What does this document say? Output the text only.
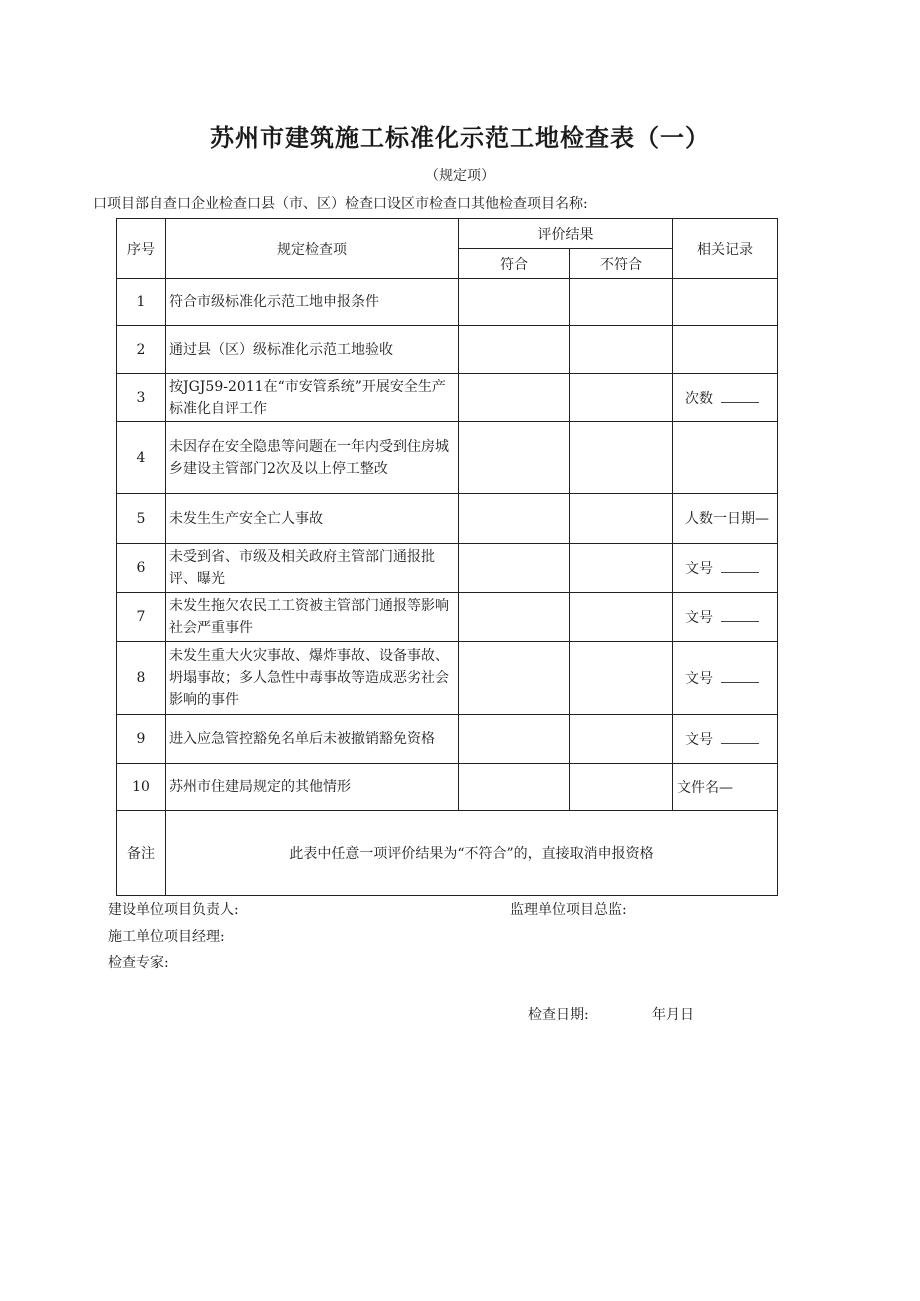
苏州市建筑施工标准化示范工地检查表（一）
（规定项）
口项目部自查口企业检查口县（市、区）检查口设区市检查口其他检查项目名称:
序号	规定检查项	评价结果		相关记录
		符合	不符合	
1	符合市级标准化示范工地申报条件			
2	通过县（区）级标准化示范工地验收			
3	按JGJ59-2011在“市安管系统”开展安全生产标准化自评工作			次数
4	未因存在安全隐患等问题在一年内受到住房城乡建设主管部门2次及以上停工整改			
5	未发生生产安全亡人事故			人数一日期—
6	未受到省、市级及相关政府主管部门通报批评、曝光			文号
7	未发生拖欠农民工工资被主管部门通报等影响社会严重事件			文号
8	未发生重大火灾事故、爆炸事故、设备事故、坍塌事故；多人急性中毒事故等造成恶劣社会影响的事件			文号
9	进入应急管控豁免名单后未被撤销豁免资格			文号
10	苏州市住建局规定的其他情形			文件名—
备注	此表中任意一项评价结果为“不符合”的，直接取消申报资格			
建设单位项目负责人:	监理单位项目总监:
施工单位项目经理:
检查专家:
检查日期:	年月日
